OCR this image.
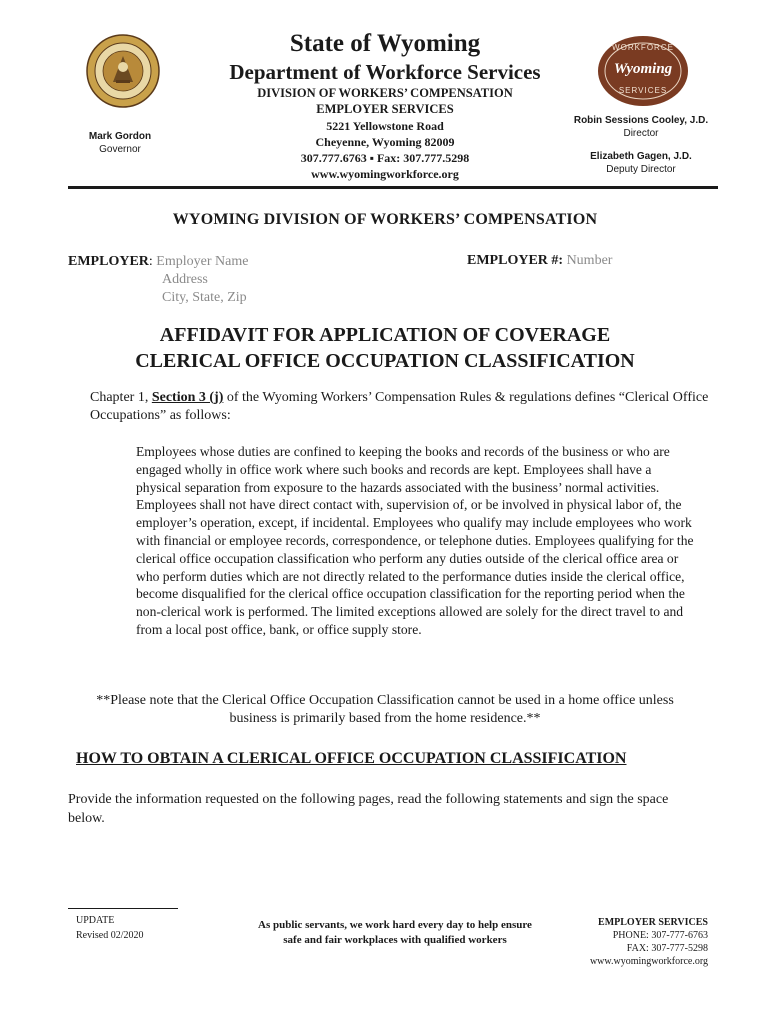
WORKFORCE
Wyoming
SERVICES
State of Wyoming
Department of Workforce Services
DIVISION OF WORKERS’ COMPENSATION
EMPLOYER SERVICES
5221 Yellowstone Road
Cheyenne, Wyoming 82009
307.777.6763 ▪ Fax: 307.777.5298
www.wyomingworkforce.org
Mark Gordon
Governor
Robin Sessions Cooley, J.D.
Director
Elizabeth Gagen, J.D.
Deputy Director
WYOMING DIVISION OF WORKERS’ COMPENSATION
EMPLOYER: Employer Name
Address
City, State, Zip
EMPLOYER #: Number
AFFIDAVIT FOR APPLICATION OF COVERAGE
CLERICAL OFFICE OCCUPATION CLASSIFICATION
Chapter 1, Section 3 (j) of the Wyoming Workers’ Compensation Rules & regulations defines “Clerical Office Occupations” as follows:
Employees whose duties are confined to keeping the books and records of the business or who are engaged wholly in office work where such books and records are kept. Employees shall have a physical separation from exposure to the hazards associated with the business’ normal activities. Employees shall not have direct contact with, supervision of, or be involved in physical labor of, the employer’s operation, except, if incidental. Employees who qualify may include employees who work with financial or employee records, correspondence, or telephone duties. Employees qualifying for the clerical office occupation classification who perform any duties outside of the clerical office area or who perform duties which are not directly related to the performance duties inside the clerical office, become disqualified for the clerical office occupation classification for the reporting period when the non-clerical work is performed. The limited exceptions allowed are solely for the direct travel to and from a local post office, bank, or office supply store.
**Please note that the Clerical Office Occupation Classification cannot be used in a home office unless
business is primarily based from the home residence.**
HOW TO OBTAIN A CLERICAL OFFICE OCCUPATION CLASSIFICATION
Provide the information requested on the following pages, read the following statements and sign the space below.
UPDATE
Revised 02/2020
As public servants, we work hard every day to help ensure
safe and fair workplaces with qualified workers
EMPLOYER SERVICES
PHONE: 307-777-6763
FAX: 307-777-5298
www.wyomingworkforce.org
